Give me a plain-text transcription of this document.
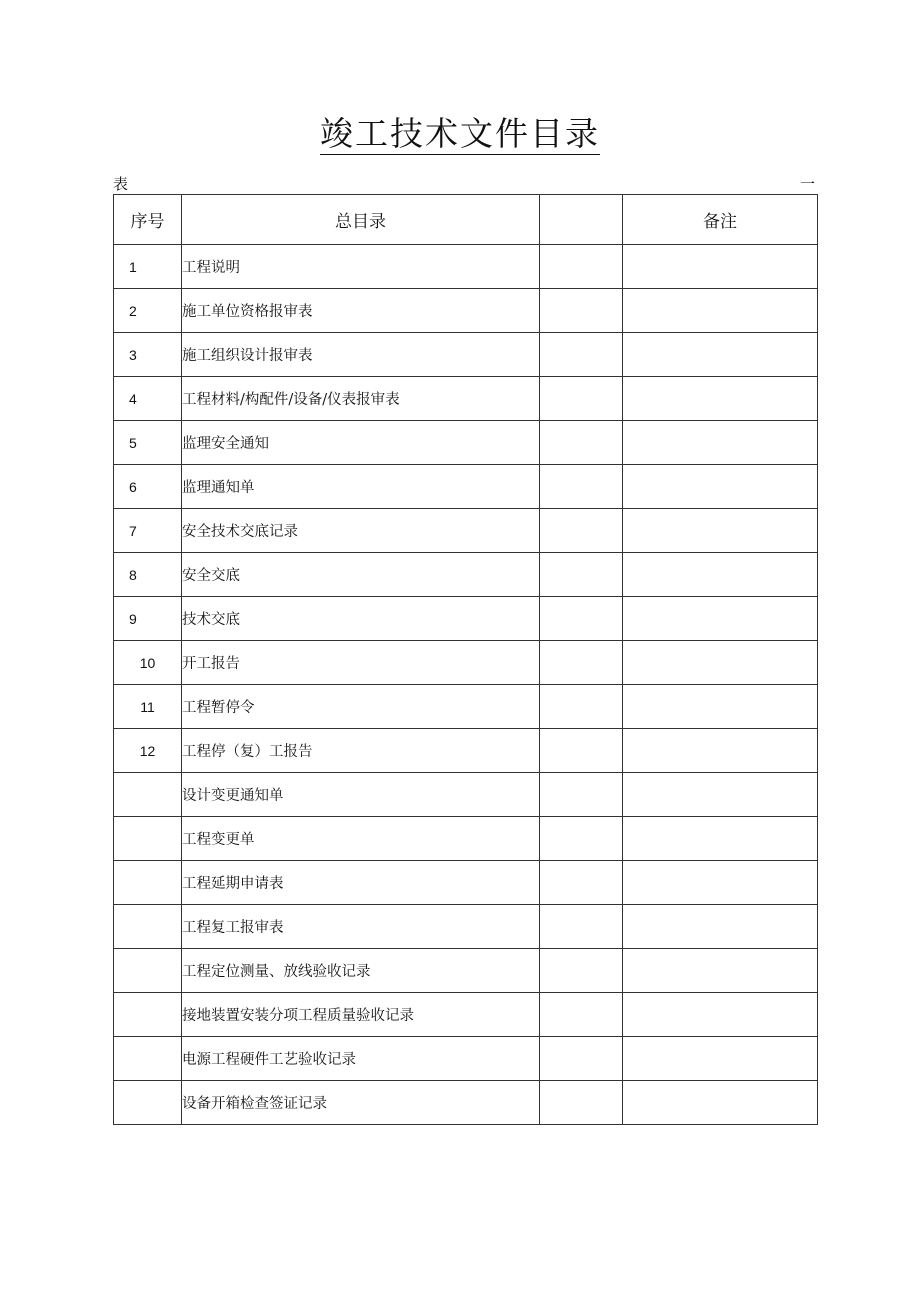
竣工技术文件目录
表	一
序号	总目录		备注
1	工程说明		
2	施工单位资格报审表		
3	施工组织设计报审表		
4	工程材料/构配件/设备/仪表报审表		
5	监理安全通知		
6	监理通知单		
7	安全技术交底记录		
8	安全交底		
9	技术交底		
10	开工报告		
11	工程暂停令		
12	工程停（复）工报告		
	设计变更通知单		
	工程变更单		
	工程延期申请表		
	工程复工报审表		
	工程定位测量、放线验收记录		
	接地装置安装分项工程质量验收记录		
	电源工程硬件工艺验收记录		
	设备开箱检查签证记录		
